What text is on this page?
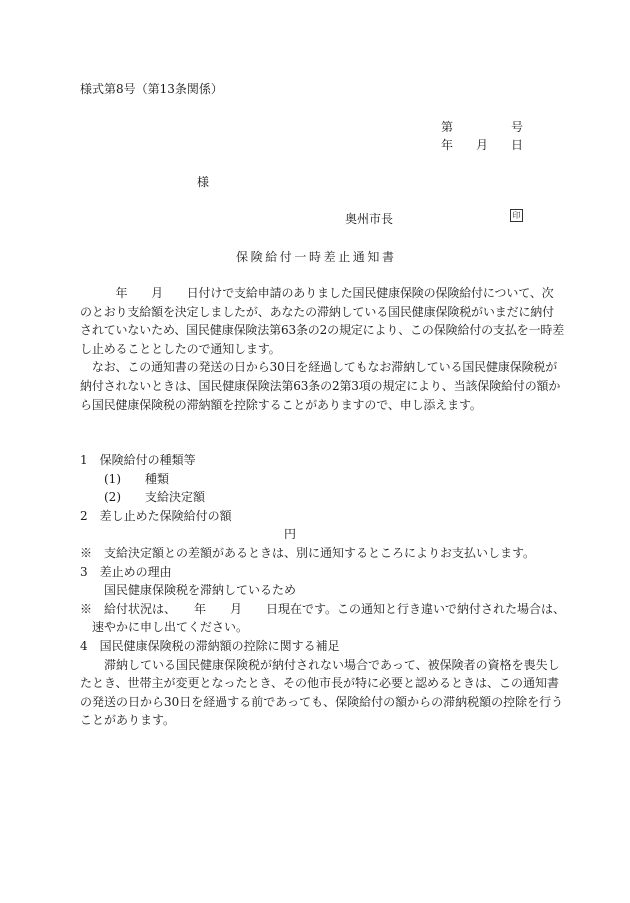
様式第8号（第13条関係）
第	号
年 月 日
様
奥州市長	印
保険給付一時差止通知書
　　　年　　月　　日付けで支給申請のありました国民健康保険の保険給付について、次
のとおり支給額を決定しましたが、あなたの滞納している国民健康保険税がいまだに納付
されていないため、国民健康保険法第63条の2の規定により、この保険給付の支払を一時差
し止めることとしたので通知します。
　なお、この通知書の発送の日から30日を経過してもなお滞納している国民健康保険税が
納付されないときは、国民健康保険法第63条の2第3項の規定により、当該保険給付の額か
ら国民健康保険税の滞納額を控除することがありますので、申し添えます。
1　保険給付の種類等
　　(1)　　種類
　　(2)　　支給決定額
2　差し止めた保険給付の額
　　　　　　　　　　　　　　　　　円
※　支給決定額との差額があるときは、別に通知するところによりお支払いします。
3　差止めの理由
　　国民健康保険税を滞納しているため
※　給付状況は、　　年　　月　　日現在です。この通知と行き違いで納付された場合は、
　速やかに申し出てください。
4　国民健康保険税の滞納額の控除に関する補足
　　滞納している国民健康保険税が納付されない場合であって、被保険者の資格を喪失し
たとき、世帯主が変更となったとき、その他市長が特に必要と認めるときは、この通知書
の発送の日から30日を経過する前であっても、保険給付の額からの滞納税額の控除を行う
ことがあります。
